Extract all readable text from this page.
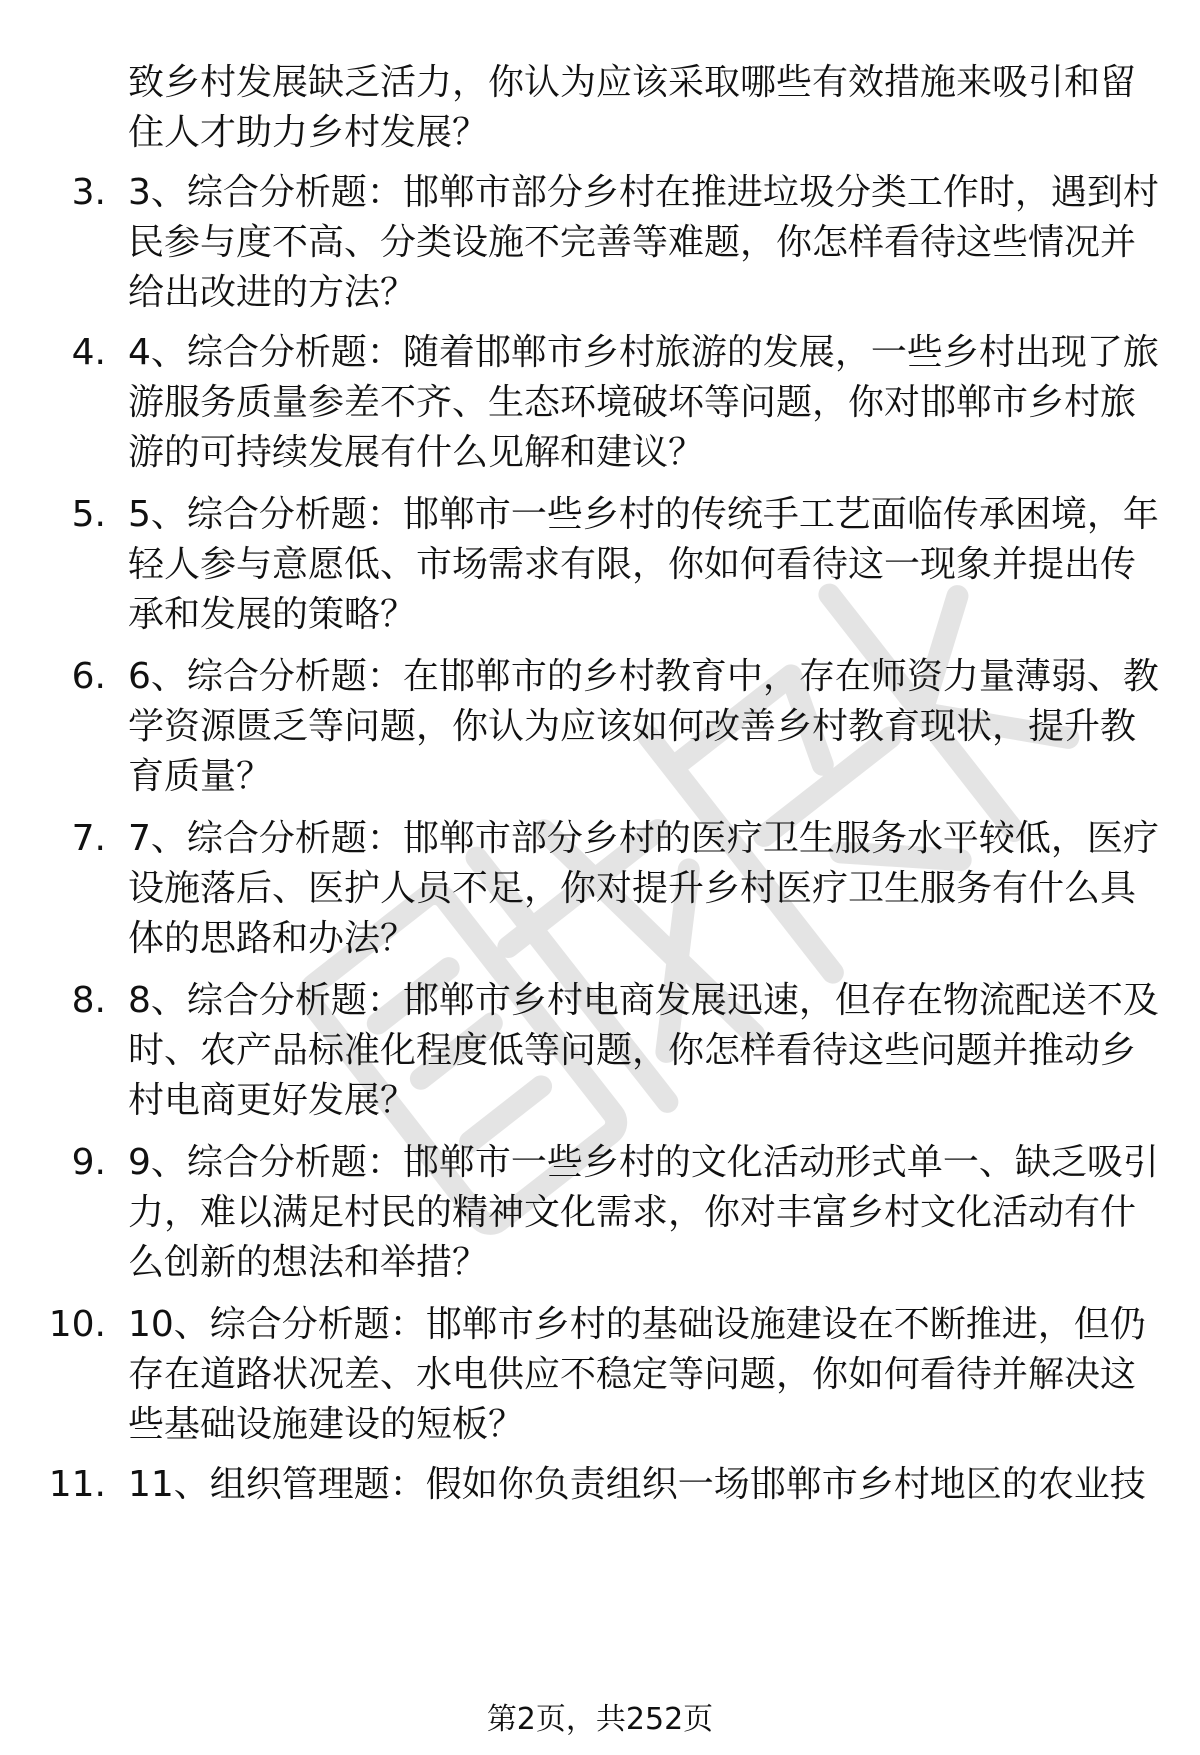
致乡村发展缺乏活力，你认为应该采取哪些有效措施来吸引和留住人才助力乡村发展？
3. 3、综合分析题：邯郸市部分乡村在推进垃圾分类工作时，遇到村民参与度不高、分类设施不完善等难题，你怎样看待这些情况并给出改进的方法？
4. 4、综合分析题：随着邯郸市乡村旅游的发展，一些乡村出现了旅游服务质量参差不齐、生态环境破坏等问题，你对邯郸市乡村旅游的可持续发展有什么见解和建议？
5. 5、综合分析题：邯郸市一些乡村的传统手工艺面临传承困境，年轻人参与意愿低、市场需求有限，你如何看待这一现象并提出传承和发展的策略？
6. 6、综合分析题：在邯郸市的乡村教育中，存在师资力量薄弱、教学资源匮乏等问题，你认为应该如何改善乡村教育现状，提升教育质量？
7. 7、综合分析题：邯郸市部分乡村的医疗卫生服务水平较低，医疗设施落后、医护人员不足，你对提升乡村医疗卫生服务有什么具体的思路和办法？
8. 8、综合分析题：邯郸市乡村电商发展迅速，但存在物流配送不及时、农产品标准化程度低等问题，你怎样看待这些问题并推动乡村电商更好发展？
9. 9、综合分析题：邯郸市一些乡村的文化活动形式单一、缺乏吸引力，难以满足村民的精神文化需求，你对丰富乡村文化活动有什么创新的想法和举措？
10. 10、综合分析题：邯郸市乡村的基础设施建设在不断推进，但仍存在道路状况差、水电供应不稳定等问题，你如何看待并解决这些基础设施建设的短板？
11. 11、组织管理题：假如你负责组织一场邯郸市乡村地区的农业技
第2页，共252页
